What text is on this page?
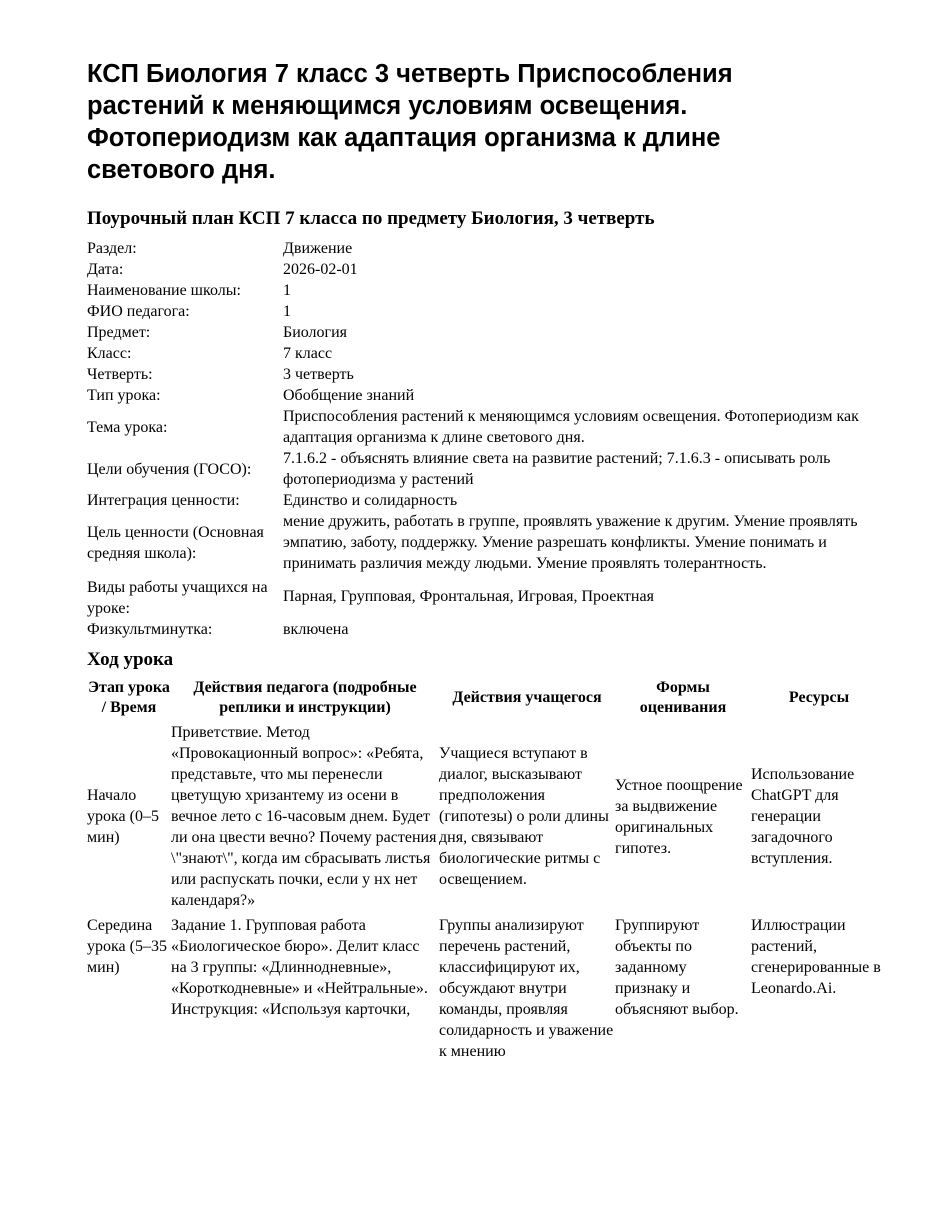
КСП Биология 7 класс 3 четверть Приспособления растений к меняющимся условиям освещения. Фотопериодизм как адаптация организма к длине светового дня.
Поурочный план КСП 7 класса по предмету Биология, 3 четверть
Раздел:	Движение
Дата:	2026-02-01
Наименование школы:	1
ФИО педагога:	1
Предмет:	Биология
Класс:	7 класс
Четверть:	3 четверть
Тип урока:	Обобщение знаний
Тема урока:	Приспособления растений к меняющимся условиям освещения. Фотопериодизм как адаптация организма к длине светового дня.
Цели обучения (ГОСО):	7.1.6.2 - объяснять влияние света на развитие растений; 7.1.6.3 - описывать роль фотопериодизма у растений
Интеграция ценности:	Единство и солидарность
Цель ценности (Основная средняя школа):	мение дружить, работать в группе, проявлять уважение к другим. Умение проявлять эмпатию, заботу, поддержку. Умение разрешать конфликты. Умение понимать и принимать различия между людьми. Умение проявлять толерантность.
Виды работы учащихся на уроке:	Парная, Групповая, Фронтальная, Игровая, Проектная
Физкультминутка:	включена
Ход урока
Этап урока / Время	Действия педагога (подробные реплики и инструкции)	Действия учащегося	Формы оценивания	Ресурсы
Начало урока (0–5 мин)	Приветствие. Метод «Провокационный вопрос»: «Ребята, представьте, что мы перенесли цветущую хризантему из осени в вечное лето с 16-часовым днем. Будет ли она цвести вечно? Почему растения \"знают\", когда им сбрасывать листья или распускать почки, если у нх нет календаря?»	Учащиеся вступают в диалог, высказывают предположения (гипотезы) о роли длины дня, связывают биологические ритмы с освещением.	Устное поощрение за выдвижение оригинальных гипотез.	Использование ChatGPT для генерации загадочного вступления.
Середина урока (5–35 мин)	Задание 1. Групповая работа «Биологическое бюро». Делит класс на 3 группы: «Длиннодневные», «Короткодневные» и «Нейтральные». Инструкция: «Используя карточки,	Группы анализируют перечень растений, классифицируют их, обсуждают внутри команды, проявляя солидарность и уважение к мнению	Группируют объекты по заданному признаку и объясняют выбор.	Иллюстрации растений, сгенерированные в Leonardo.Ai.
